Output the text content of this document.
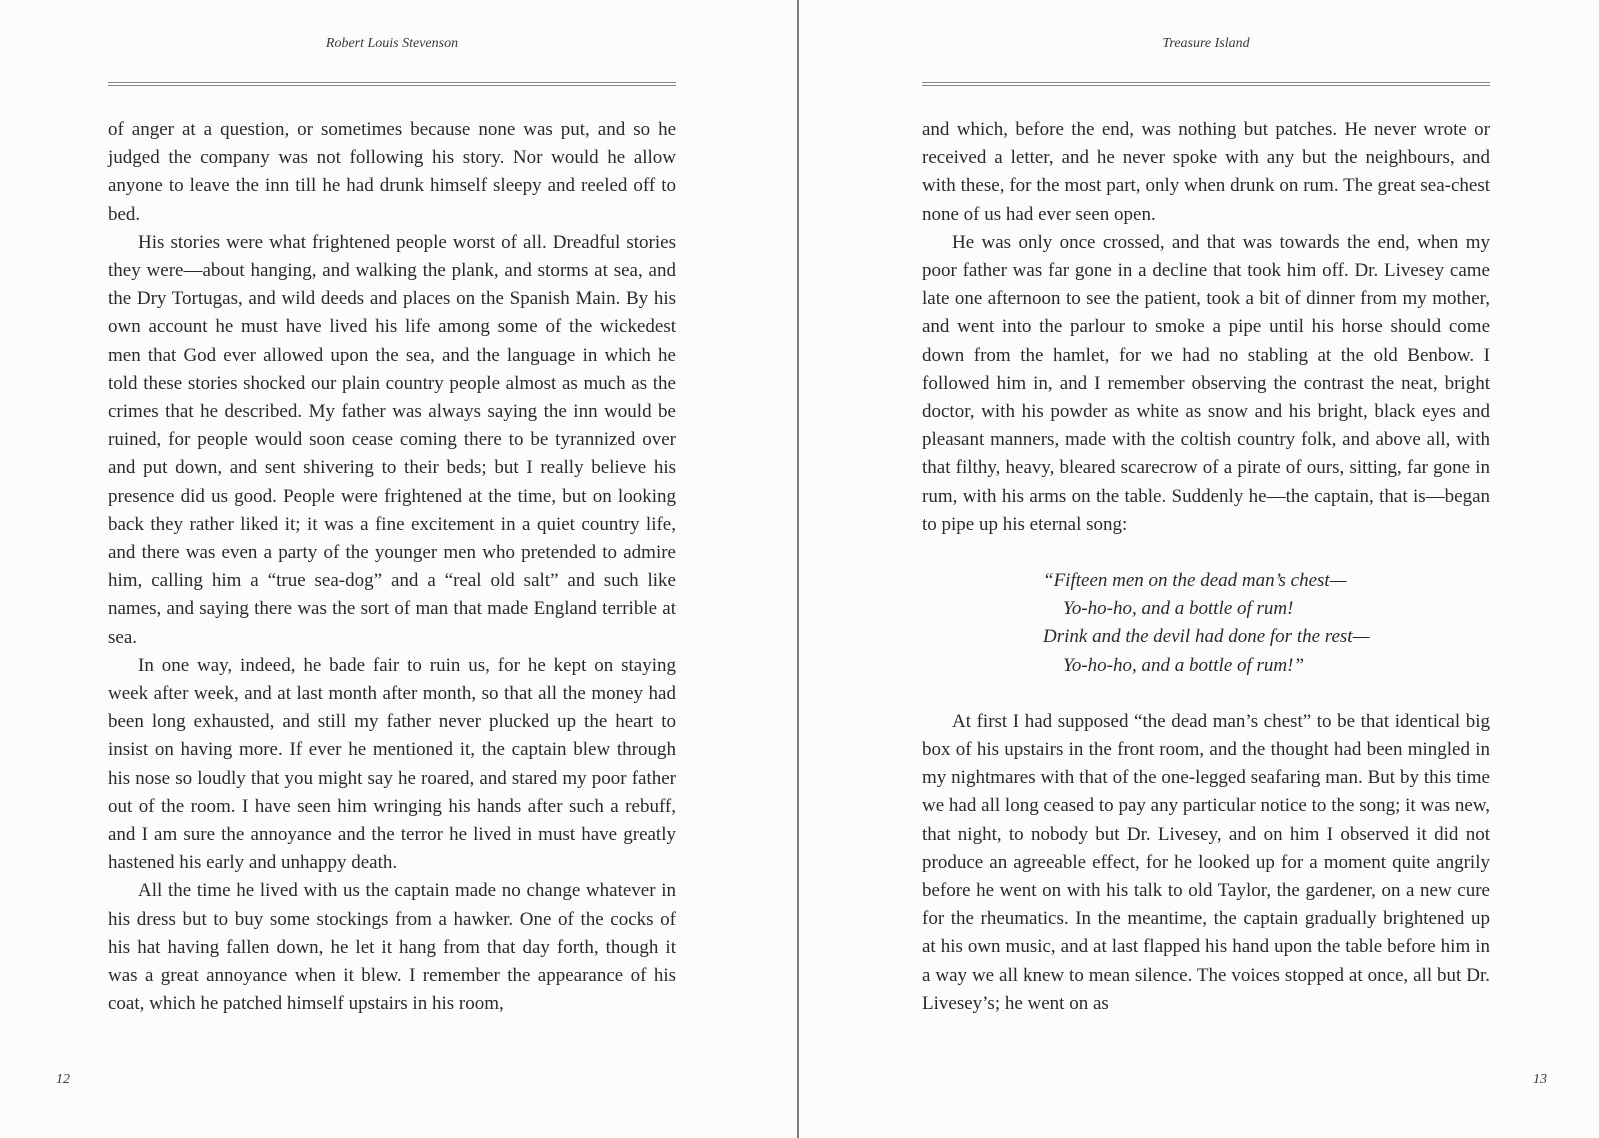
Robert Louis Stevenson

of anger at a question, or sometimes because none was put, and so he judged the company was not following his story. Nor would he allow anyone to leave the inn till he had drunk himself sleepy and reeled off to bed.

His stories were what frightened people worst of all. Dreadful stories they were—about hanging, and walking the plank, and storms at sea, and the Dry Tortugas, and wild deeds and places on the Spanish Main. By his own account he must have lived his life among some of the wickedest men that God ever allowed upon the sea, and the language in which he told these stories shocked our plain country people almost as much as the crimes that he described. My father was always saying the inn would be ruined, for people would soon cease coming there to be tyrannized over and put down, and sent shivering to their beds; but I really believe his presence did us good. People were frightened at the time, but on looking back they rather liked it; it was a fine excitement in a quiet country life, and there was even a party of the younger men who pretended to admire him, calling him a “true sea-dog” and a “real old salt” and such like names, and saying there was the sort of man that made England terrible at sea.

In one way, indeed, he bade fair to ruin us, for he kept on staying week after week, and at last month after month, so that all the money had been long exhausted, and still my father never plucked up the heart to insist on having more. If ever he mentioned it, the captain blew through his nose so loudly that you might say he roared, and stared my poor father out of the room. I have seen him wringing his hands after such a rebuff, and I am sure the annoyance and the terror he lived in must have greatly hastened his early and unhappy death.

All the time he lived with us the captain made no change whatever in his dress but to buy some stockings from a hawker. One of the cocks of his hat having fallen down, he let it hang from that day forth, though it was a great annoyance when it blew. I remember the appearance of his coat, which he patched himself upstairs in his room,

12
Treasure Island

and which, before the end, was nothing but patches. He never wrote or received a letter, and he never spoke with any but the neighbours, and with these, for the most part, only when drunk on rum. The great sea-chest none of us had ever seen open.

He was only once crossed, and that was towards the end, when my poor father was far gone in a decline that took him off. Dr. Livesey came late one afternoon to see the patient, took a bit of dinner from my mother, and went into the parlour to smoke a pipe until his horse should come down from the hamlet, for we had no stabling at the old Benbow. I followed him in, and I remember observing the contrast the neat, bright doctor, with his powder as white as snow and his bright, black eyes and pleasant manners, made with the coltish country folk, and above all, with that filthy, heavy, bleared scarecrow of a pirate of ours, sitting, far gone in rum, with his arms on the table. Suddenly he—the captain, that is—began to pipe up his eternal song:

“Fifteen men on the dead man’s chest—
Yo-ho-ho, and a bottle of rum!
Drink and the devil had done for the rest—
Yo-ho-ho, and a bottle of rum!”

At first I had supposed “the dead man’s chest” to be that identical big box of his upstairs in the front room, and the thought had been mingled in my nightmares with that of the one-legged seafaring man. But by this time we had all long ceased to pay any particular notice to the song; it was new, that night, to nobody but Dr. Livesey, and on him I observed it did not produce an agreeable effect, for he looked up for a moment quite angrily before he went on with his talk to old Taylor, the gardener, on a new cure for the rheumatics. In the meantime, the captain gradually brightened up at his own music, and at last flapped his hand upon the table before him in a way we all knew to mean silence. The voices stopped at once, all but Dr. Livesey’s; he went on as

13
